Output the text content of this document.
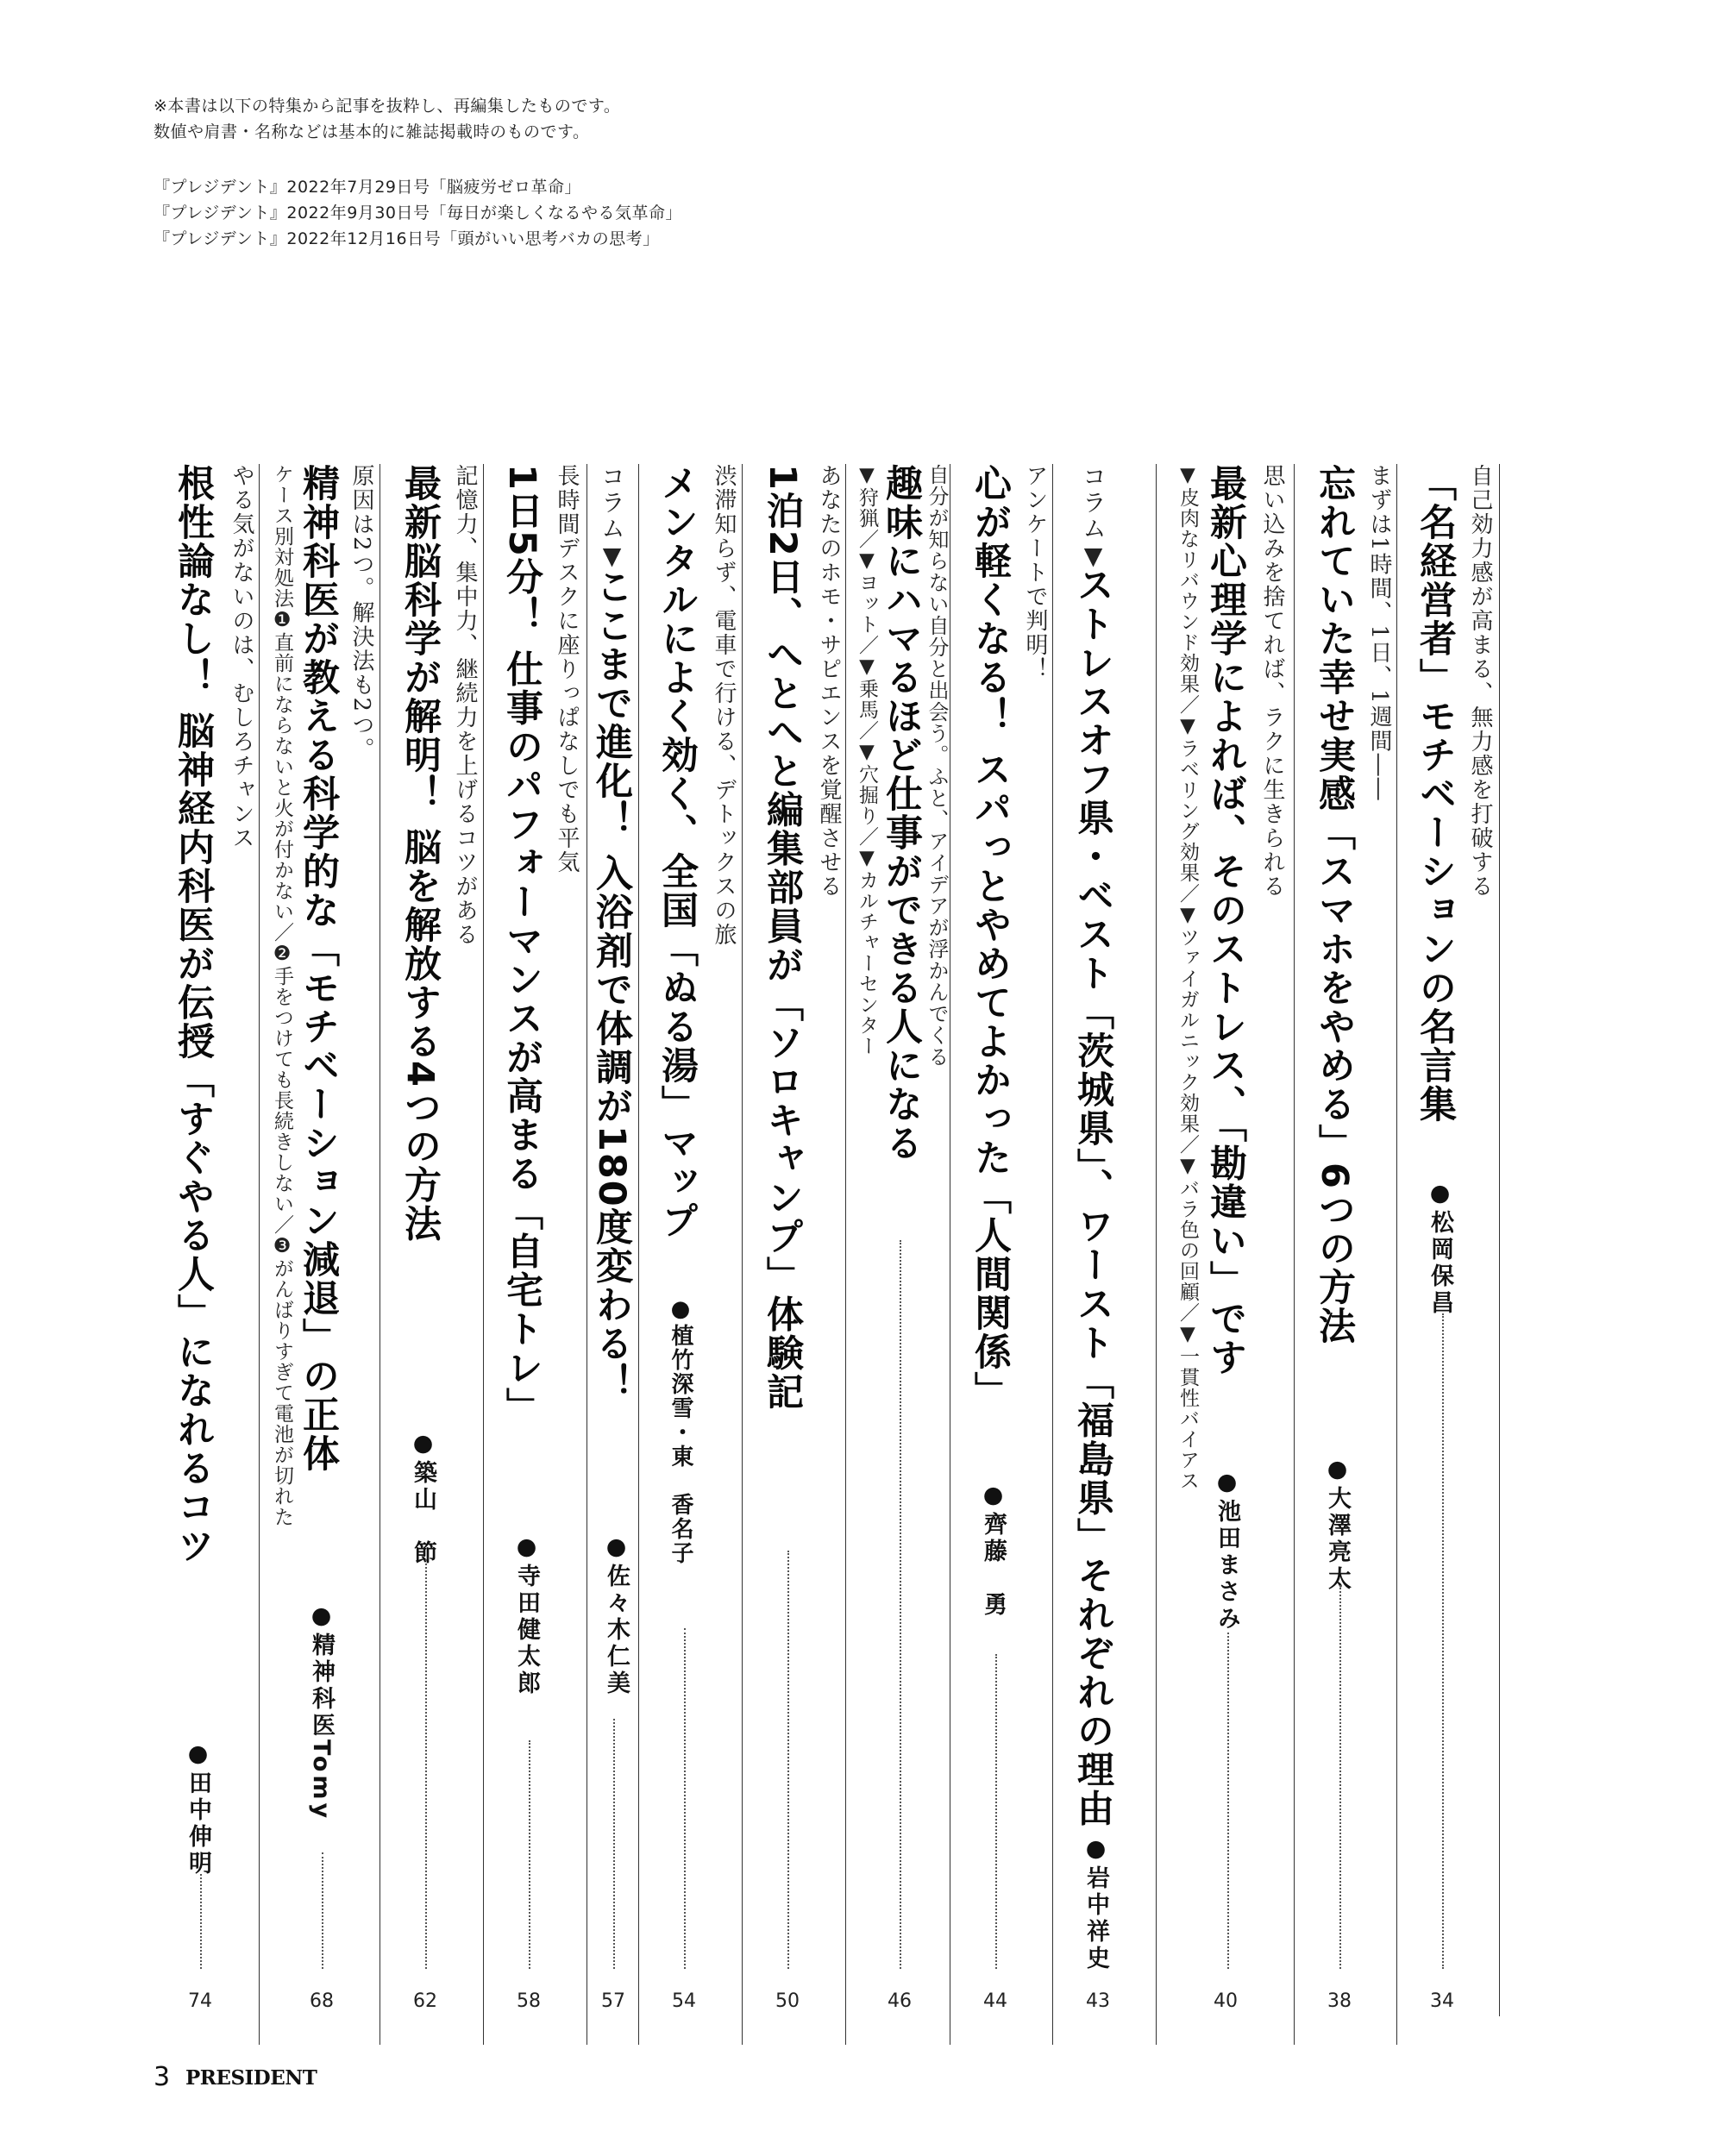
※本書は以下の特集から記事を抜粋し、再編集したものです。
数値や肩書・名称などは基本的に雑誌掲載時のものです。
『プレジデント』2022年7月29日号「脳疲労ゼロ革命」
『プレジデント』2022年9月30日号「毎日が楽しくなるやる気革命」
『プレジデント』2022年12月16日号「頭がいい思考バカの思考」
自己効力感が高まる、無力感を打破する
「名経営者」モチベーションの名言集
●松岡保昌
34
まずは1時間、1日、1週間――
忘れていた幸せ実感「スマホをやめる」6つの方法
●大澤亮太
38
思い込みを捨てれば、ラクに生きられる
最新心理学によれば、そのストレス、「勘違い」です
●池田まさみ
▼皮肉なリバウンド効果／▼ラベリング効果／▼ツァイガルニック効果／▼バラ色の回顧／▼一貫性バイアス
40
コラム▼
ストレスオフ県・ベスト「茨城県」、ワースト「福島県」それぞれの理由
●岩中祥史
43
アンケートで判明！
心が軽くなる！ スパっとやめてよかった「人間関係」
●齊藤　勇
44
自分が知らない自分と出会う。ふと、アイデアが浮かんでくる
趣味にハマるほど仕事ができる人になる
▼狩猟／▼ヨット／▼乗馬／▼穴掘り／▼カルチャーセンター
46
あなたのホモ・サピエンスを覚醒させる
1泊2日、へとへと編集部員が「ソロキャンプ」体験記
50
渋滞知らず、電車で行ける、デトックスの旅
メンタルによく効く、全国「ぬる湯」マップ
●植竹深雪・東　香名子
54
コラム▼
ここまで進化！ 入浴剤で体調が180度変わる！
●佐々木仁美
57
長時間デスクに座りっぱなしでも平気
1日5分！ 仕事のパフォーマンスが高まる「自宅トレ」
●寺田健太郎
58
記憶力、集中力、継続力を上げるコツがある
最新脳科学が解明！ 脳を解放する4つの方法
●築山　節
62
原因は2つ。解決法も2つ。
精神科医が教える科学的な「モチベーション減退」の正体
●精神科医Tomy
ケース別対処法❶直前にならないと火が付かない／❷手をつけても長続きしない／❸がんばりすぎて電池が切れた
68
やる気がないのは、むしろチャンス
根性論なし！ 脳神経内科医が伝授「すぐやる人」になれるコツ
●田中伸明
74
3 PRESIDENT
